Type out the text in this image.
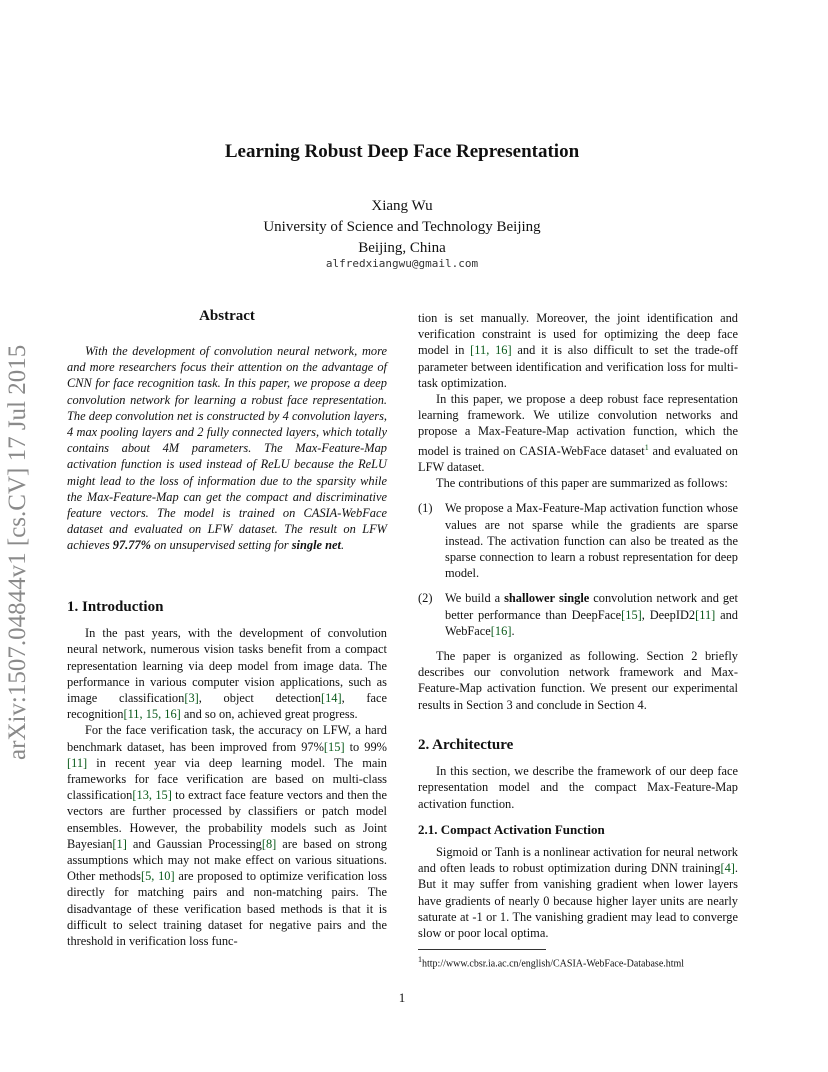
arXiv:1507.04844v1 [cs.CV] 17 Jul 2015
Learning Robust Deep Face Representation
Xiang Wu
University of Science and Technology Beijing
Beijing, China
alfredxiangwu@gmail.com
Abstract

With the development of convolution neural network, more and more researchers focus their attention on the advantage of CNN for face recognition task. In this paper, we propose a deep convolution network for learning a robust face representation. The deep convolution net is constructed by 4 convolution layers, 4 max pooling layers and 2 fully connected layers, which totally contains about 4M parameters. The Max-Feature-Map activation function is used instead of ReLU because the ReLU might lead to the loss of information due to the sparsity while the Max-Feature-Map can get the compact and discriminative feature vectors. The model is trained on CASIA-WebFace dataset and evaluated on LFW dataset. The result on LFW achieves 97.77% on unsupervised setting for single net.

1. Introduction

In the past years, with the development of convolution neural network, numerous vision tasks benefit from a compact representation learning via deep model from image data. The performance in various computer vision applications, such as image classification[3], object detection[14], face recognition[11, 15, 16] and so on, achieved great progress.

For the face verification task, the accuracy on LFW, a hard benchmark dataset, has been improved from 97%[15] to 99%[11] in recent year via deep learning model. The main frameworks for face verification are based on multi-class classification[13, 15] to extract face feature vectors and then the vectors are further processed by classifiers or patch model ensembles. However, the probability models such as Joint Bayesian[1] and Gaussian Processing[8] are based on strong assumptions which may not make effect on various situations. Other methods[5, 10] are proposed to optimize verification loss directly for matching pairs and non-matching pairs. The disadvantage of these verification based methods is that it is difficult to select training dataset for negative pairs and the threshold in verification loss func-

tion is set manually. Moreover, the joint identification and verification constraint is used for optimizing the deep face model in [11, 16] and it is also difficult to set the trade-off parameter between identification and verification loss for multi-task optimization.

In this paper, we propose a deep robust face representation learning framework. We utilize convolution networks and propose a Max-Feature-Map activation function, which the model is trained on CASIA-WebFace dataset$^1$ and evaluated on LFW dataset.

The contributions of this paper are summarized as follows:

(1)	We propose a Max-Feature-Map activation function whose values are not sparse while the gradients are sparse instead. The activation function can also be treated as the sparse connection to learn a robust representation for deep model.
(2)	We build a shallower single convolution network and get better performance than DeepFace[15], DeepID2[11] and WebFace[16].

The paper is organized as following. Section 2 briefly describes our convolution network framework and Max-Feature-Map activation function. We present our experimental results in Section 3 and conclude in Section 4.

2. Architecture

In this section, we describe the framework of our deep face representation model and the compact Max-Feature-Map activation function.

2.1. Compact Activation Function

Sigmoid or Tanh is a nonlinear activation for neural network and often leads to robust optimization during DNN training[4]. But it may suffer from vanishing gradient when lower layers have gradients of nearly 0 because higher layer units are nearly saturate at -1 or 1. The vanishing gradient may lead to converge slow or poor local optima.

$^1$http://www.cbsr.ia.ac.cn/english/CASIA-WebFace-Database.html
1
